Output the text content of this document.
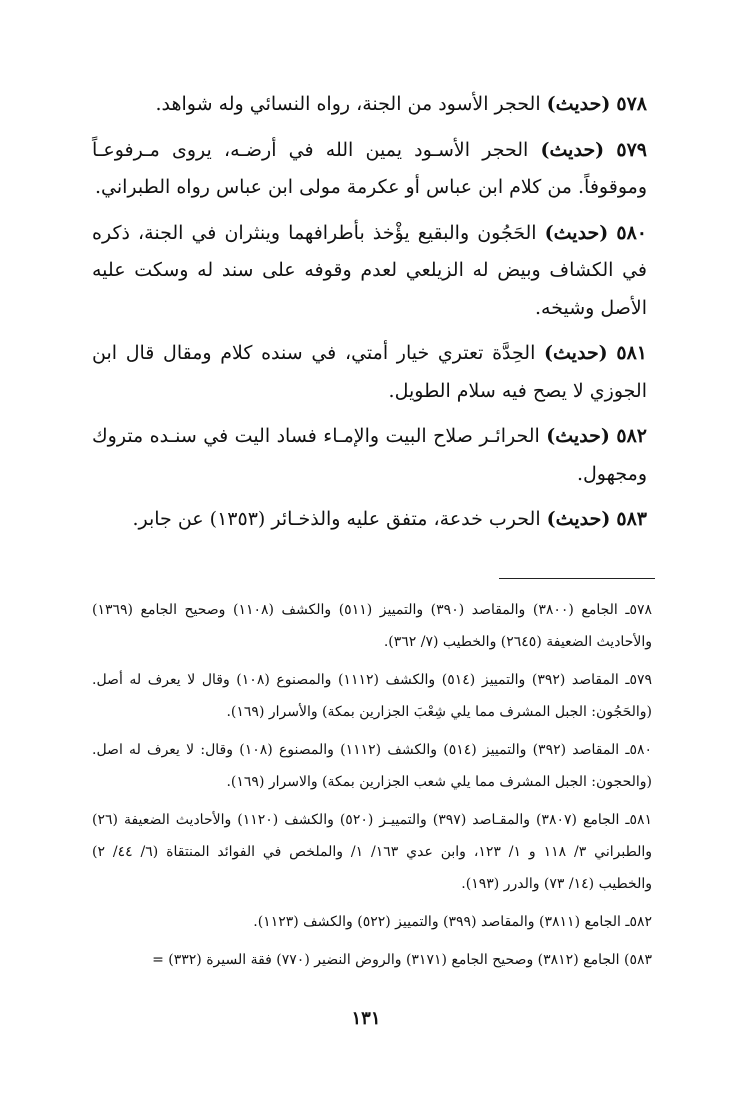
٥٧٨ (حديث) الحجر الأسود من الجنة، رواه النسائي وله شواهد.

٥٧٩ (حديث) الحجر الأسـود يمين الله في أرضـه، يروى مـرفوعـاً وموقوفاً. من كلام ابن عباس أو عكرمة مولى ابن عباس رواه الطبراني.

٥٨٠ (حديث) الحَجُون والبقيع يؤْخذ بأطرافهما وينثران في الجنة، ذكره في الكشاف وبيض له الزيلعي لعدم وقوفه على سند له وسكت عليه الأصل وشيخه.

٥٨١ (حديث) الحِدَّة تعتري خيار أمتي، في سنده كلام ومقال قال ابن الجوزي لا يصح فيه سلام الطويل.

٥٨٢ (حديث) الحرائـر صلاح البيت والإمـاء فساد اليت في سنـده متروك ومجهول.

٥٨٣ (حديث) الحرب خدعة، متفق عليه والذخـائر (١٣٥٣) عن جابر.

٥٧٨ـ الجامع (٣٨٠٠) والمقاصد (٣٩٠) والتمييز (٥١١) والكشف (١١٠٨) وصحيح الجامع (١٣٦٩) والأحاديث الضعيفة (٢٦٤٥) والخطيب (٧/ ٣٦٢).

٥٧٩ـ المقاصد (٣٩٢) والتمييز (٥١٤) والكشف (١١١٢) والمصنوع (١٠٨) وقال لا يعرف له أصل. (والحَجُون: الجبل المشرف مما يلي شِعْبَ الجزارين بمكة) والأسرار (١٦٩).

٥٨٠ـ المقاصد (٣٩٢) والتمييز (٥١٤) والكشف (١١١٢) والمصنوع (١٠٨) وقال: لا يعرف له اصل. (والحجون: الجبل المشرف مما يلي شعب الجزارين بمكة) والاسرار (١٦٩).

٥٨١ـ الجامع (٣٨٠٧) والمقـاصد (٣٩٧) والتمييـز (٥٢٠) والكشف (١١٢٠) والأحاديث الضعيفة (٢٦) والطبراني ٣/ ١١٨ و ١/ ١٢٣، وابن عدي ١٦٣/ ١/ والملخص في الفوائد المنتقاة (٦/ ٤٤/ ٢) والخطيب (١٤/ ٧٣) والدرر (١٩٣).

٥٨٢ـ الجامع (٣٨١١) والمقاصد (٣٩٩) والتمييز (٥٢٢) والكشف (١١٢٣).

٥٨٣) الجامع (٣٨١٢) وصحيح الجامع (٣١٧١) والروض النضير (٧٧٠) فقة السيرة (٣٣٢) =

١٣١
